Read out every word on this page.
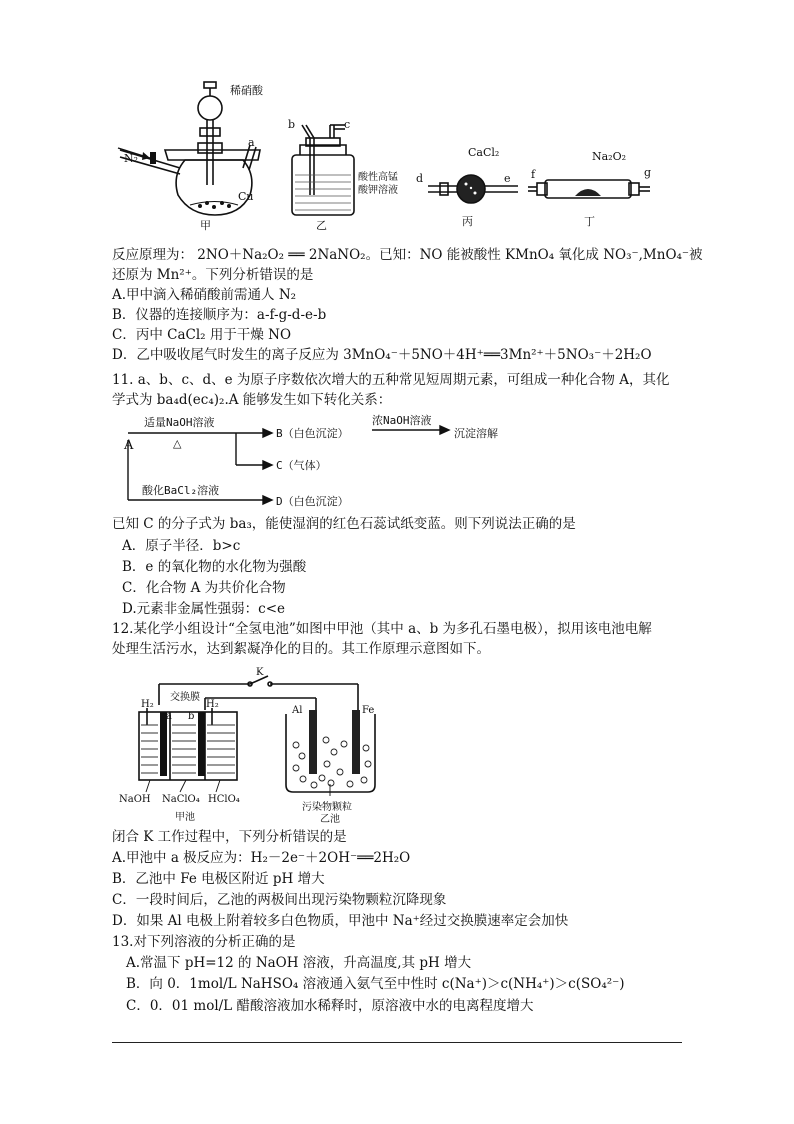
N₂
稀硝酸
a
Cu
甲
b	c
酸性高锰
酸钾溶液
乙
CaCl₂
d	e
丙
Na₂O₂
f	g
丁
反应原理为： 2NO＋Na₂O₂ ══ 2NaNO₂。已知：NO 能被酸性 KMnO₄ 氧化成 NO₃⁻,MnO₄⁻被
还原为 Mn²⁺。下列分析错误的是
A.甲中滴入稀硝酸前需通人 N₂
B．仪器的连接顺序为：a-f-g-d-e-b
C．丙中 CaCl₂ 用于干燥 NO
D．乙中吸收尾气时发生的离子反应为 3MnO₄⁻＋5NO＋4H⁺══3Mn²⁺＋5NO₃⁻＋2H₂O
11. a、b、c、d、e 为原子序数依次增大的五种常见短周期元素，可组成一种化合物 A，其化
学式为 ba₄d(ec₄)₂.A 能够发生如下转化关系：
A
适量NaOH溶液
△
B（白色沉淀）
浓NaOH溶液
沉淀溶解
C（气体）
酸化BaCl₂溶液
D（白色沉淀）
已知 C 的分子式为 ba₃，能使湿润的红色石蕊试纸变蓝。则下列说法正确的是
A．原子半径．b>c
B．e 的氧化物的水化物为强酸
C．化合物 A 为共价化合物
D.元素非金属性强弱：c<e
12.某化学小组设计“全氢电池”如图中甲池（其中 a、b 为多孔石墨电极），拟用该电池电解
处理生活污水，达到絮凝净化的目的。其工作原理示意图如下。
K
H₂
交换膜
H₂
a b
Al	Fe
NaOH NaClO₄ HClO₄
甲池
污染物颗粒
乙池
闭合 K 工作过程中，下列分析错误的是
A.甲池中 a 极反应为：H₂－2e⁻＋2OH⁻══2H₂O
B．乙池中 Fe 电极区附近 pH 增大
C．一段时间后，乙池的两极间出现污染物颗粒沉降现象
D．如果 Al 电极上附着较多白色物质，甲池中 Na⁺经过交换膜速率定会加快
13.对下列溶液的分析正确的是
A.常温下 pH=12 的 NaOH 溶液，升高温度,其 pH 增大
B．向 0．1mol/L NaHSO₄ 溶液通入氨气至中性时 c(Na⁺)＞c(NH₄⁺)＞c(SO₄²⁻)
C．0．01 mol/L 醋酸溶液加水稀释时，原溶液中水的电离程度增大
